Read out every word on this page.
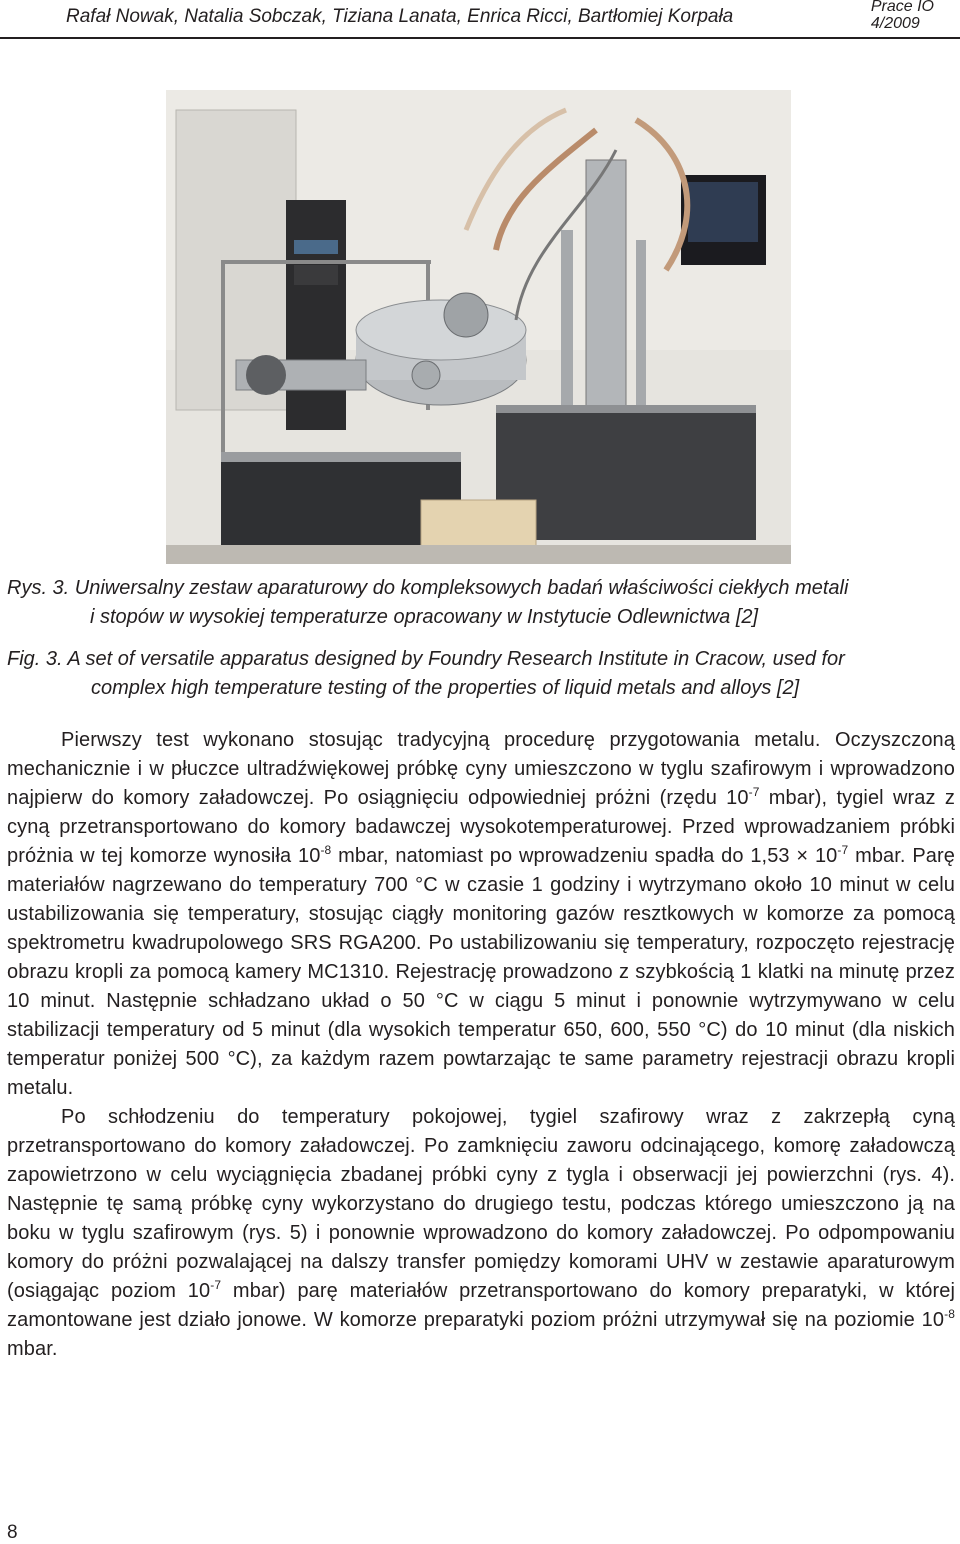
Rafał Nowak, Natalia Sobczak, Tiziana Lanata, Enrica Ricci, Bartłomiej Korpała	Prace IO
4/2009
Rys. 3. Uniwersalny zestaw aparaturowy do kompleksowych badań właściwości ciekłych metali
i stopów w wysokiej temperaturze opracowany w Instytucie Odlewnictwa [2]
Fig. 3. A set of versatile apparatus designed by Foundry Research Institute in Cracow, used for
complex high temperature testing of the properties of liquid metals and alloys [2]

Pierwszy test wykonano stosując tradycyjną procedurę przygotowania metalu. Oczyszczoną mechanicznie i w płuczce ultradźwiękowej próbkę cyny umieszczono w tyglu szafirowym i wprowadzono najpierw do komory załadowczej. Po osiągnięciu odpowiedniej próżni (rzędu $10^{-7}$ mbar), tygiel wraz z cyną przetransportowano do komory badawczej wysokotemperaturowej. Przed wprowadzaniem próbki próżnia w tej komorze wynosiła $10^{-8}$ mbar, natomiast po wprowadzeniu spadła do $1,53 \times 10^{-7}$ mbar. Parę materiałów nagrzewano do temperatury 700 °C w czasie 1 godziny i wytrzymano około 10 minut w celu ustabilizowania się temperatury, stosując ciągły monitoring gazów resztkowych w komorze za pomocą spektrometru kwadrupolowego SRS RGA200. Po ustabilizowaniu się temperatury, rozpoczęto rejestrację obrazu kropli za pomocą kamery MC1310. Rejestrację prowadzono z szybkością 1 klatki na minutę przez 10 minut. Następnie schładzano układ o 50 °C w ciągu 5 minut i ponownie wytrzymywano w celu stabilizacji temperatury od 5 minut (dla wysokich temperatur 650, 600, 550 °C) do 10 minut (dla niskich temperatur poniżej 500 °C), za każdym razem powtarzając te same parametry rejestracji obrazu kropli metalu.

Po schłodzeniu do temperatury pokojowej, tygiel szafirowy wraz z zakrzepłą cyną przetransportowano do komory załadowczej. Po zamknięciu zaworu odcinającego, komorę załadowczą zapowietrzono w celu wyciągnięcia zbadanej próbki cyny z tygla i obserwacji jej powierzchni (rys. 4). Następnie tę samą próbkę cyny wykorzystano do drugiego testu, podczas którego umieszczono ją na boku w tyglu szafirowym (rys. 5) i ponownie wprowadzono do komory załadowczej. Po odpompowaniu komory do próżni pozwalającej na dalszy transfer pomiędzy komorami UHV w zestawie aparaturowym (osiągając poziom $10^{-7}$ mbar) parę materiałów przetransportowano do komory preparatyki, w której zamontowane jest działo jonowe. W komorze preparatyki poziom próżni utrzymywał się na poziomie $10^{-8}$ mbar.

8
